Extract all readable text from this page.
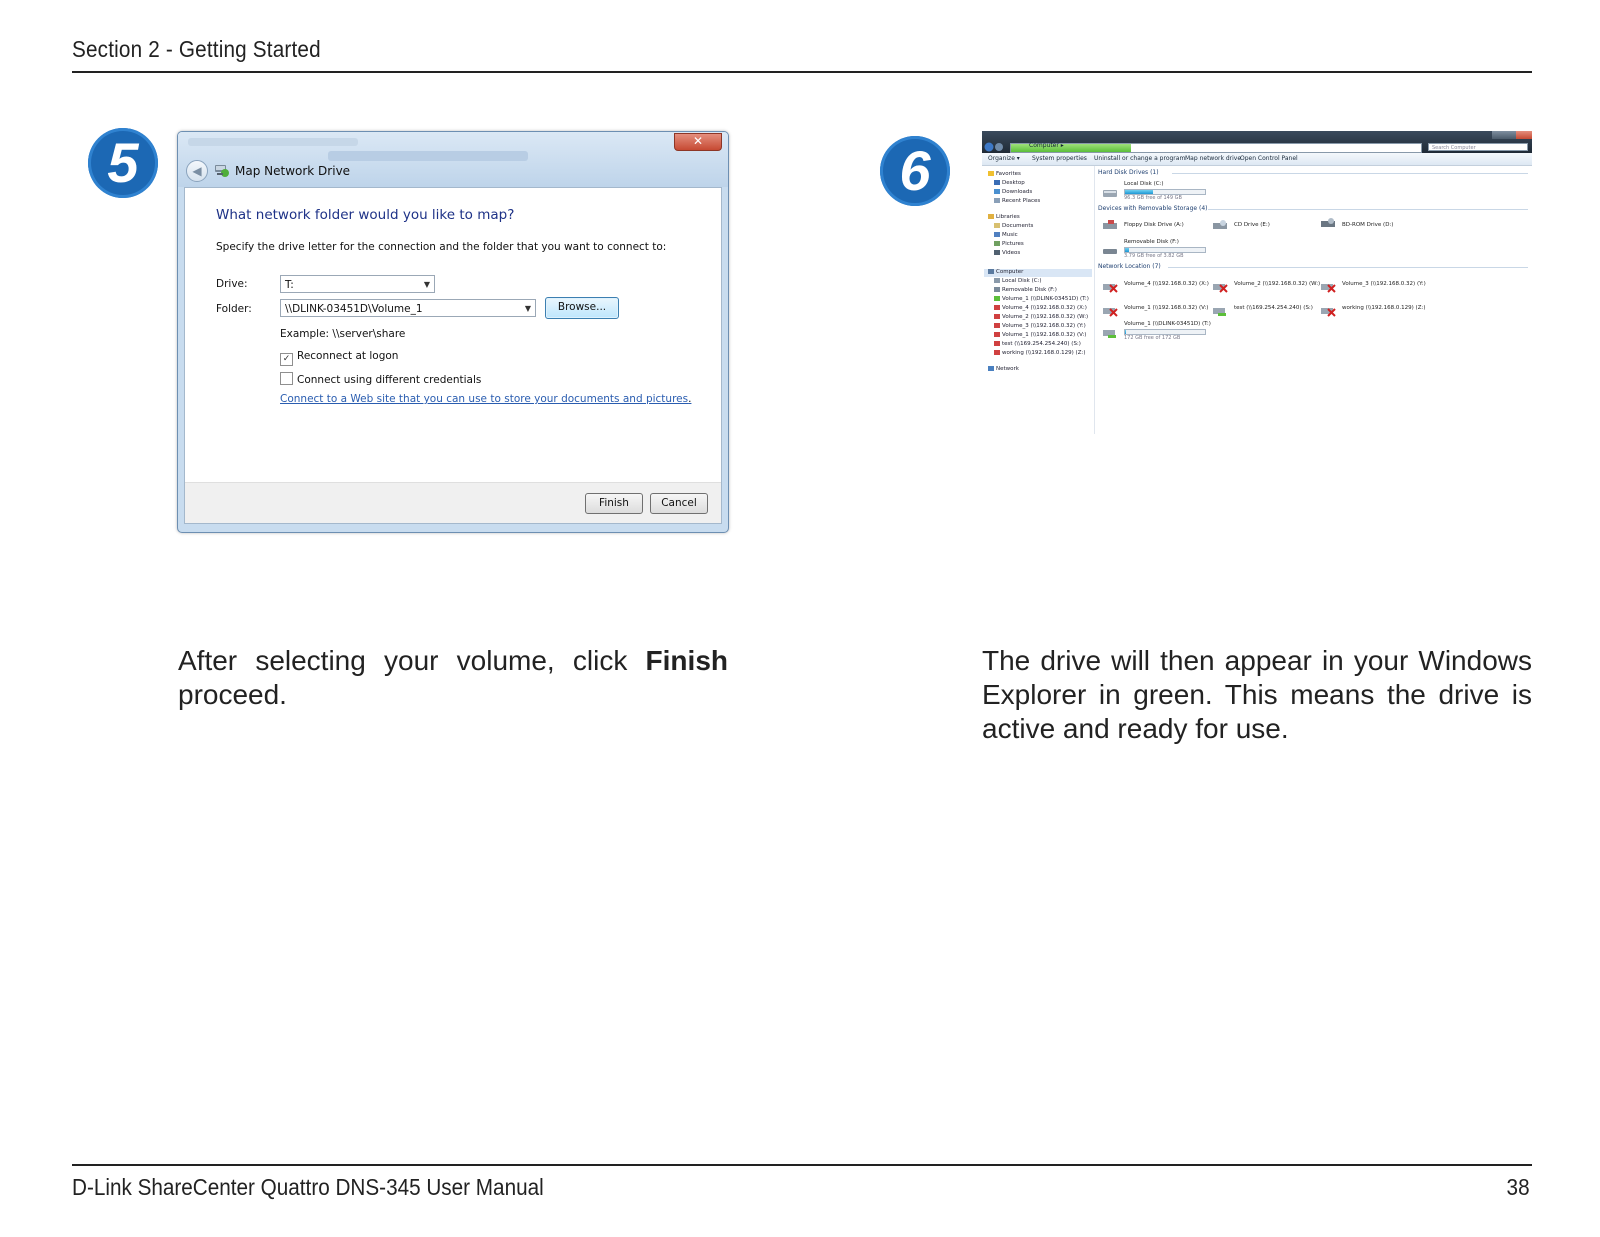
Section 2 - Getting Started
5	✕
◀	Map Network Drive
What network folder would you like to map?
Specify the drive letter for the connection and the folder that you want to connect to:
Drive:	T:	▼
Folder:	\\DLINK-03451D\Volume_1	▼	Browse...
Example: \\server\share
✓ Reconnect at logon
Connect using different credentials
Connect to a Web site that you can use to store your documents and pictures.
Finish	Cancel
6	Computer ▸	Search Computer
Organize ▾ System properties Uninstall or change a program Map network drive
Open Control Panel
Favorites
Desktop
Downloads
Recent Places
Libraries
Documents
Music
Pictures
Videos
Computer
Local Disk (C:)
Removable Disk (F:)
Volume_1 (\\DLINK-03451D) (T:)
Volume_4 (\\192.168.0.32) (X:)
Volume_2 (\\192.168.0.32) (W:)
Volume_3 (\\192.168.0.32) (Y:)
Volume_1 (\\192.168.0.32) (V:)
test (\\169.254.254.240) (S:)
working (\\192.168.0.129) (Z:)
Network
Hard Disk Drives (1)
Local Disk (C:)
96.3 GB free of 149 GB
Devices with Removable Storage (4)
Floppy Disk Drive (A:)	CD Drive (E:)	BD-ROM Drive (D:)
Removable Disk (F:)
3.79 GB free of 3.82 GB
Network Location (7)
Volume_4 (\\192.168.0.32) (X:)	Volume_2 (\\192.168.0.32) (W:)	Volume_3 (\\192.168.0.32) (Y:)
Volume_1 (\\192.168.0.32) (V:)	test (\\169.254.254.240) (S:)	working (\\192.168.0.129) (Z:)
Volume_1 (\\DLINK-03451D) (T:)
172 GB free of 172 GB
After selecting your volume, click Finish proceed.
The drive will then appear in your Windows Explorer in green. This means the drive is active and ready for use.
D-Link ShareCenter Quattro DNS-345 User Manual	38
